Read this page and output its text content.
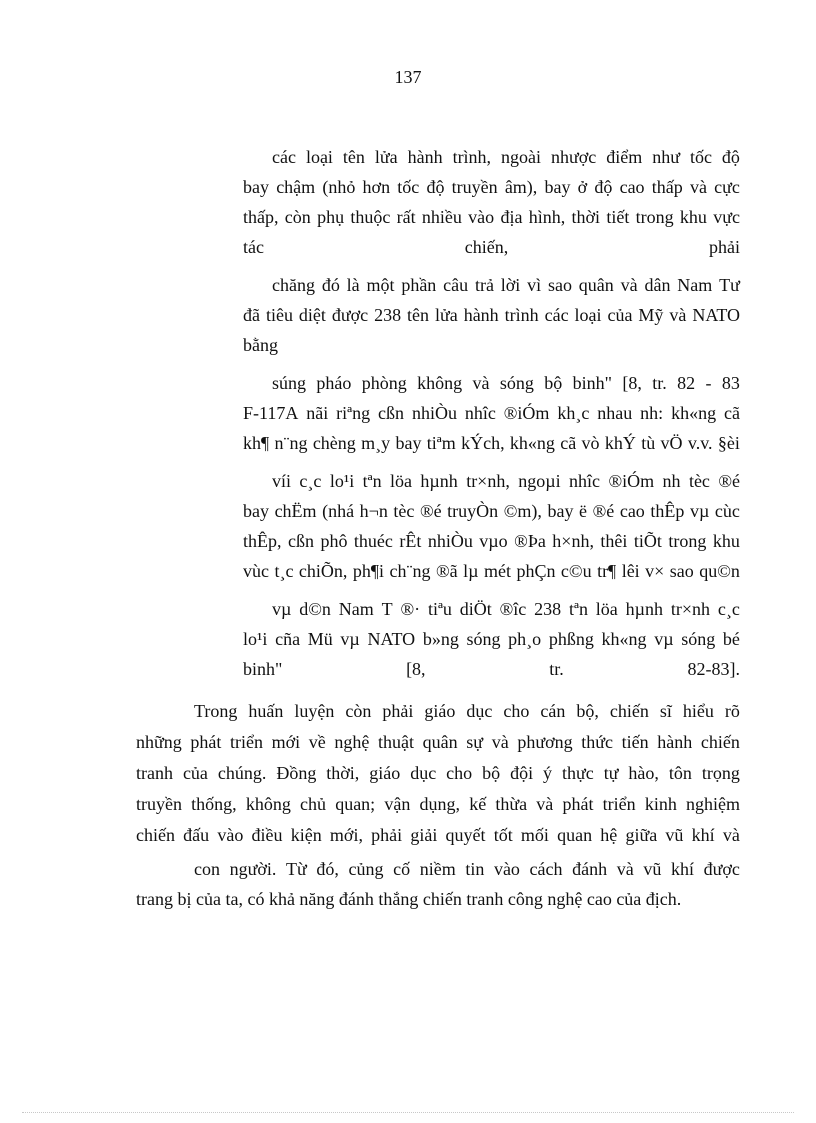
137
các loại tên lửa hành trình, ngoài nhược điểm như tốc độ
bay chậm (nhỏ hơn tốc độ truyền âm), bay ở độ cao thấp và cực
thấp, còn phụ thuộc rất nhiều vào địa hình, thời tiết trong khu vực
tác	chiến,	phải
chăng đó là một phần câu trả lời vì sao quân và dân Nam Tư
đã tiêu diệt được 238 tên lửa hành trình các loại của Mỹ và NATO
bằng
súng pháo phòng không và sóng bộ binh" [8, tr. 82 - 83
F-117A nãi riªng cßn nhiÒu nhîc ®iÓm kh¸c nhau nh: kh«ng cã
kh¶ n¨ng chèng m¸y bay tiªm kÝch, kh«ng cã vò khÝ tù vÖ v.v. §èi
víi c¸c lo¹i tªn löa hµnh tr×nh, ngoµi nhîc ®iÓm nh tèc ®é
bay chËm (nhá h¬n tèc ®é truyÒn ©m), bay ë ®é cao thÊp vµ cùc
thÊp, cßn phô thuéc rÊt nhiÒu vµo ®Þa h×nh, thêi tiÕt trong khu
vùc t¸c chiÕn, ph¶i ch¨ng ®ã lµ mét phÇn c©u tr¶ lêi v× sao qu©n
vµ d©n Nam T ®· tiªu diÖt ®îc 238 tªn löa hµnh tr×nh c¸c
lo¹i cña Mü vµ NATO b»ng sóng ph¸o phßng kh«ng vµ sóng bé
binh"	[8,	tr.	82-83].
Trong huấn luyện còn phải giáo dục cho cán bộ, chiến sĩ hiểu rõ
những phát triển mới về nghệ thuật quân sự và phương thức tiến hành chiến
tranh của chúng. Đồng thời, giáo dục cho bộ đội ý thực tự hào, tôn trọng
truyền thống, không chủ quan; vận dụng, kế thừa và phát triển kinh nghiệm
chiến đấu vào điều kiện mới, phải giải quyết tốt mối quan hệ giữa vũ khí và
con người. Từ đó, củng cố niềm tin vào cách đánh và vũ khí được
trang bị của ta, có khả năng đánh thắng chiến tranh công nghệ cao của địch.
